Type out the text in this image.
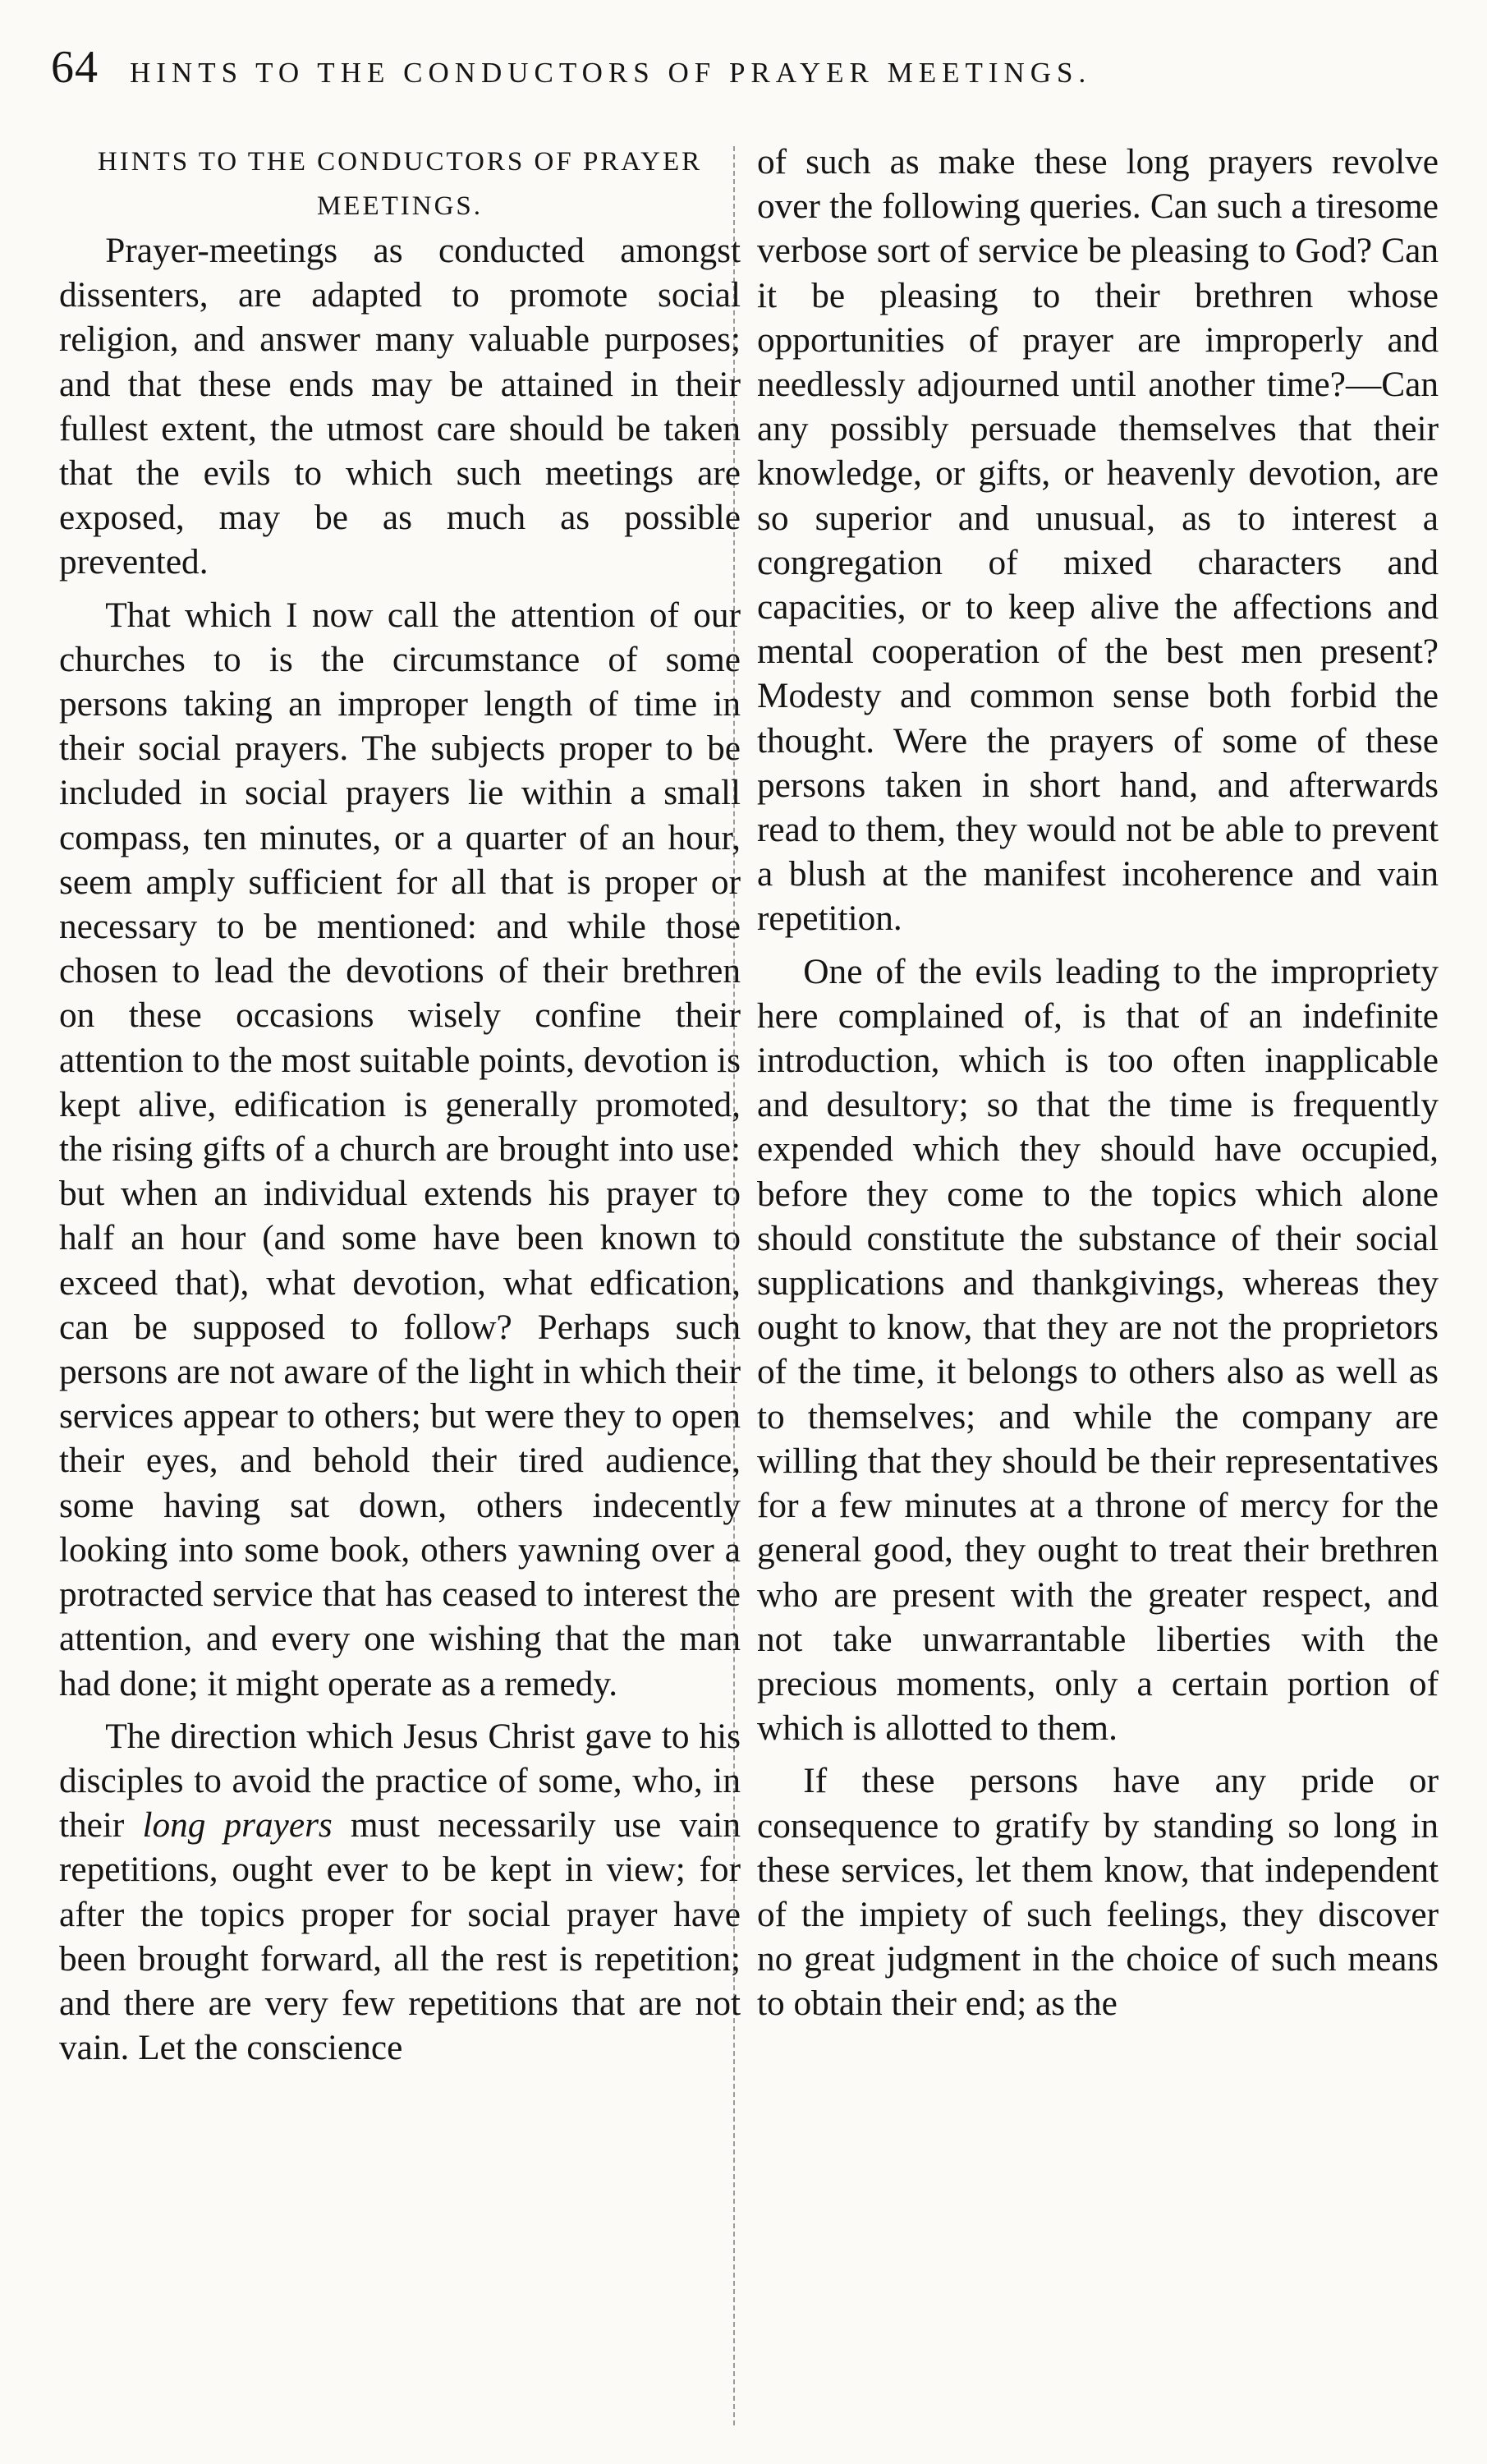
64 HINTS TO THE CONDUCTORS OF PRAYER MEETINGS.
HINTS TO THE CONDUCTORS OF PRAYER MEETINGS.

Prayer-meetings as conducted amongst dissenters, are adapted to promote social religion, and answer many valuable purposes; and that these ends may be attained in their fullest extent, the utmost care should be taken that the evils to which such meetings are exposed, may be as much as possible prevented.

That which I now call the attention of our churches to is the circumstance of some persons taking an improper length of time in their social prayers. The subjects proper to be included in social prayers lie within a small compass, ten minutes, or a quarter of an hour, seem amply sufficient for all that is proper or necessary to be mentioned: and while those chosen to lead the devotions of their brethren on these occasions wisely confine their attention to the most suitable points, devotion is kept alive, edification is generally promoted, the rising gifts of a church are brought into use: but when an individual extends his prayer to half an hour (and some have been known to exceed that), what devotion, what edfication, can be supposed to follow? Perhaps such persons are not aware of the light in which their services appear to others; but were they to open their eyes, and behold their tired audience, some having sat down, others indecently looking into some book, others yawning over a protracted service that has ceased to interest the attention, and every one wishing that the man had done; it might operate as a remedy.

The direction which Jesus Christ gave to his disciples to avoid the practice of some, who, in their long prayers must necessarily use vain repetitions, ought ever to be kept in view; for after the topics proper for social prayer have been brought forward, all the rest is repetition; and there are very few repetitions that are not vain. Let the conscience

of such as make these long prayers revolve over the following queries. Can such a tiresome verbose sort of service be pleasing to God? Can it be pleasing to their brethren whose opportunities of prayer are improperly and needlessly adjourned until another time?—Can any possibly persuade themselves that their knowledge, or gifts, or heavenly devotion, are so superior and unusual, as to interest a congregation of mixed characters and capacities, or to keep alive the affections and mental cooperation of the best men present? Modesty and common sense both forbid the thought. Were the prayers of some of these persons taken in short hand, and afterwards read to them, they would not be able to prevent a blush at the manifest incoherence and vain repetition.

One of the evils leading to the impropriety here complained of, is that of an indefinite introduction, which is too often inapplicable and desultory; so that the time is frequently expended which they should have occupied, before they come to the topics which alone should constitute the substance of their social supplications and thankgivings, whereas they ought to know, that they are not the proprietors of the time, it belongs to others also as well as to themselves; and while the company are willing that they should be their representatives for a few minutes at a throne of mercy for the general good, they ought to treat their brethren who are present with the greater respect, and not take unwarrantable liberties with the precious moments, only a certain portion of which is allotted to them.

If these persons have any pride or consequence to gratify by standing so long in these services, let them know, that independent of the impiety of such feelings, they discover no great judgment in the choice of such means to obtain their end; as the
